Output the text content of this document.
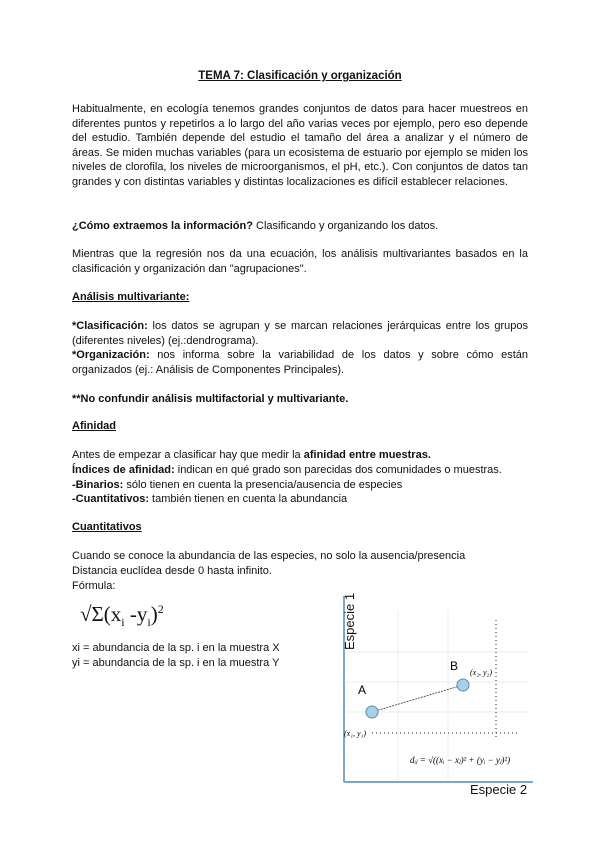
TEMA 7: Clasificación y organización

Habitualmente, en ecología tenemos grandes conjuntos de datos para hacer muestreos en diferentes puntos y repetirlos a lo largo del año varias veces por ejemplo, pero eso depende del estudio. También depende del estudio el tamaño del área a analizar y el número de áreas. Se miden muchas variables (para un ecosistema de estuario por ejemplo se miden los niveles de clorofila, los niveles de microorganismos, el pH, etc.). Con conjuntos de datos tan grandes y con distintas variables y distintas localizaciones es difícil establecer relaciones.

¿Cómo extraemos la información? Clasificando y organizando los datos.

Mientras que la regresión nos da una ecuación, los análisis multivariantes basados en la clasificación y organización dan "agrupaciones".

Análisis multivariante:

*Clasificación: los datos se agrupan y se marcan relaciones jerárquicas entre los grupos (diferentes niveles) (ej.:dendrograma).

*Organización: nos informa sobre la variabilidad de los datos y sobre cómo están organizados (ej.: Análisis de Componentes Principales).

**No confundir análisis multifactorial y multivariante.

Afinidad
Antes de empezar a clasificar hay que medir la afinidad entre muestras.
Índices de afinidad: indican en qué grado son parecidas dos comunidades o muestras.
-Binarios: sólo tienen en cuenta la presencia/ausencia de especies
-Cuantitativos: también tienen en cuenta la abundancia
Cuantitativos
Cuando se conoce la abundancia de las especies, no solo la ausencia/presencia
Distancia euclídea desde 0 hasta infinito.
Fórmula:
$√\Sigma(x_i$ $-y_i)^2$
xi = abundancia de la sp. i en la muestra X
yi = abundancia de la sp. i en la muestra Y
A
B
(x₁, y₁)
(x₂, y₂)
dᵢⱼ = √((xᵢ − xⱼ)² + (yᵢ − yⱼ)²)
Especie 1
Especie 2
